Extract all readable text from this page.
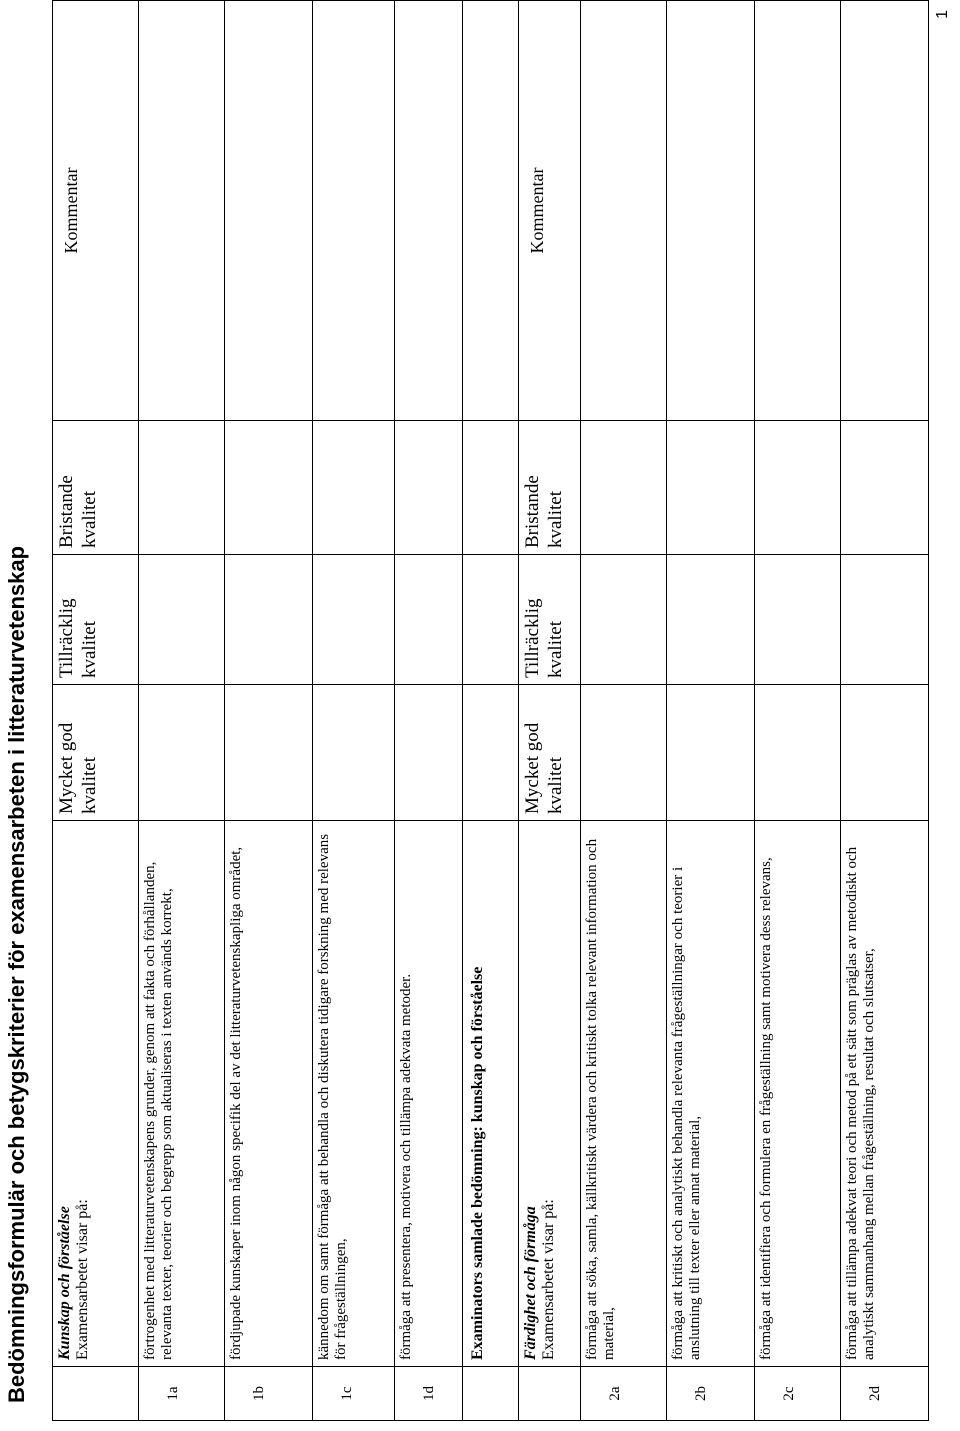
Bedömningsformulär och betygskriterier för examensarbeten i litteraturvetenskap

	Kunskap och förståelse Examensarbetet visar på:	Mycket god kvalitet	Tillräcklig kvalitet	Bristande kvalitet	Kommentar
1a	förtrogenhet med litteraturvetenskapens grunder, genom att fakta och förhållanden, relevanta texter, teorier och begrepp som aktualiseras i texten används korrekt,				
1b	fördjupade kunskaper inom någon specifik del av det litteraturvetenskapliga området,				
1c	kännedom om samt förmåga att behandla och diskutera tidigare forskning med relevans för frågeställningen,				
1d	förmåga att presentera, motivera och tillämpa adekvata metoder.				
	Examinators samlade bedömning: kunskap och förståelse				

	Färdighet och förmåga Examensarbetet visar på:	Mycket god kvalitet	Tillräcklig kvalitet	Bristande kvalitet	Kommentar
2a	förmåga att söka, samla, källkritiskt värdera och kritiskt tolka relevant information och material,				
2b	förmåga att kritiskt och analytiskt behandla relevanta frågeställningar och teorier i anslutning till texter eller annat material,				
2c	förmåga att identifiera och formulera en frågeställning samt motivera dess relevans,				
2d	förmåga att tillämpa adekvat teori och metod på ett sätt som präglas av metodiskt och analytiskt sammanhang mellan frågeställning, resultat och slutsatser,				
1
